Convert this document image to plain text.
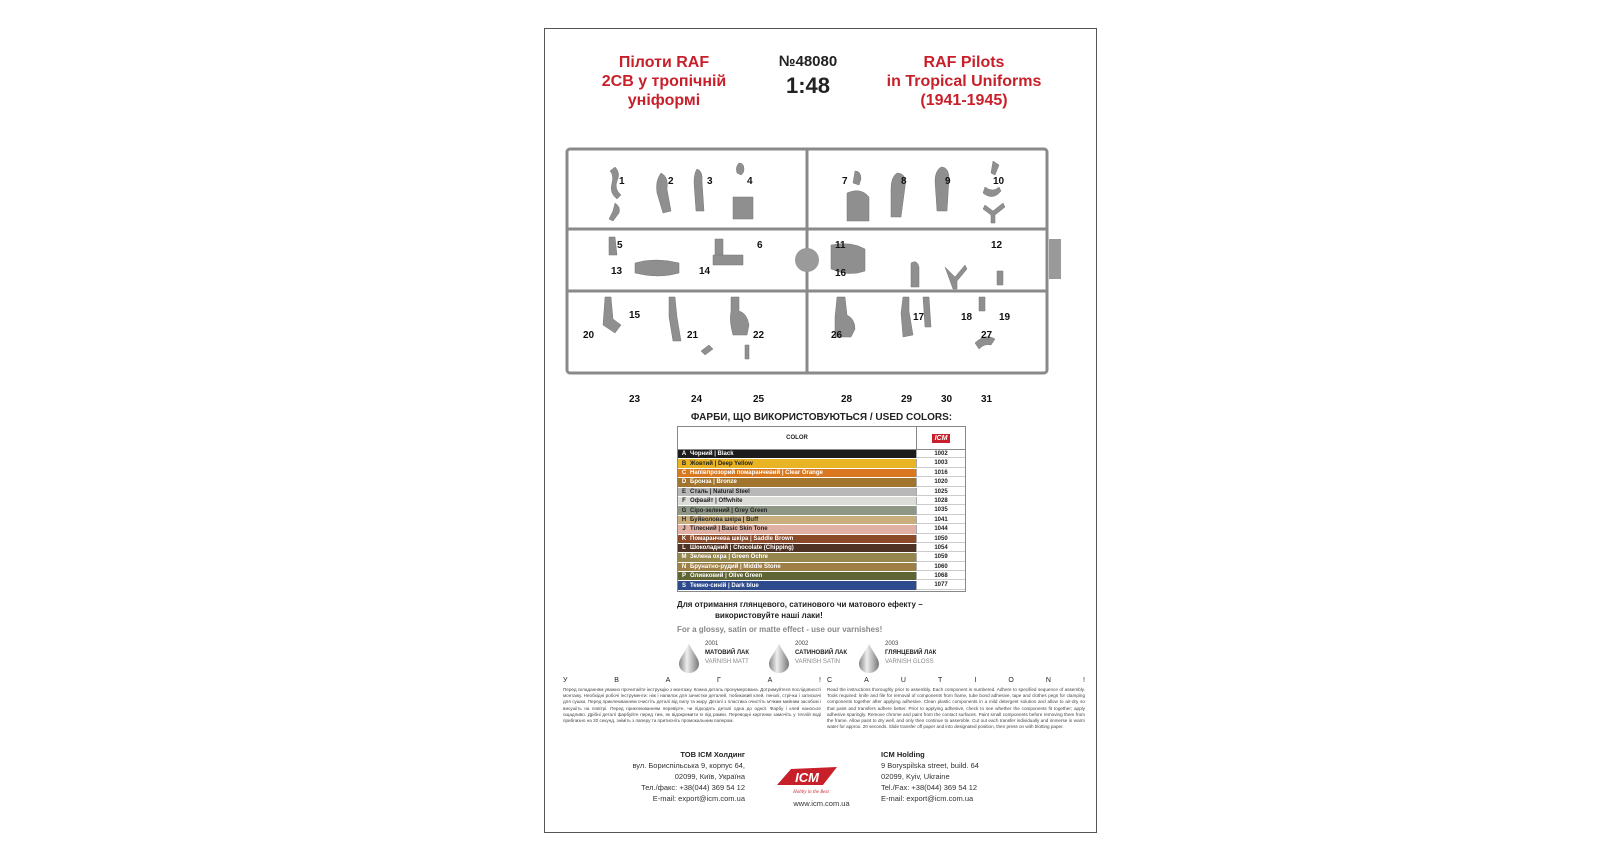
Пілоти RAF
2СВ у тропічній
уніформі
№48080
1:48
RAF Pilots
in Tropical Uniforms
(1941-1945)
1	2	3	4
5	6
7	8	9	10
11	12
13	14
15
16
17	18	19
20	21	22
23	24	25
26	27
28	29	30	31
ФАРБИ, ЩО ВИКОРИСТОВУЮТЬСЯ / USED COLORS:
COLOR	ICM
A Чорний | Black	1002
B Жовтий | Deep Yellow	1003
C Напівпрозорий помаранчевий | Clear Orange	1016
D Бронза | Bronze	1020
E Сталь | Natural Steel	1025
F Офвайт | Offwhite	1028
G Сіро-зелений | Grey Green	1035
H Буйволова шкіра | Buff	1041
J Тілесний | Basic Skin Tone	1044
K Помаранчева шкіра | Saddle Brown	1050
L Шоколадний | Chocolate (Chipping)	1054
M Зелена охра | Green Ochre	1059
N Брунатно-рудий | Middle Stone	1060
P Оливковий | Olive Green	1068
S Темно-синій | Dark blue	1077
Для отримання глянцевого, сатинового чи матового ефекту –
використовуйте наші лаки!
For a glossy, satin or matte effect - use our varnishes!
2001
МАТОВИЙ ЛАК
VARNISH MATT
2002
САТИНОВИЙ ЛАК
VARNISH SATIN
2003
ГЛЯНЦЕВИЙ ЛАК
VARNISH GLOSS
У	В	А	Г	А	!
Перед складанням уважно прочитайте інструкцію з монтажу. Кожна деталь пронумерована. Дотримуйтеся послідовності монтажу. Необхідні робочі інструменти: ніж і напилок для зачистки деталей, тюбиковий клей, пензлі, стрічка і затискачі для сушки. Перед приклеюванням очистіть деталі від пилу та жиру. Деталі з пластика очистіть м’яким мийним засобом і висушіть на повітрі. Перед приклеюванням перевірте, чи підходять деталі одна до одної. Фарбу і клей наносьте ощадливо. Дрібні деталі фарбуйте перед тим, як відокремити їх від рамки. Переводні картинки замочіть у теплій воді приблизно на 20 секунд, зніміть з паперу та притисніть промокальним папером.
C	A	U	T	I	O	N	!
Read the instructions thoroughly prior to assembly. Each component is numbered. Adhere to specified sequence of assembly. Tools required: knife and file for removal of components from frame, tube bond adhesive, tape and clothes pegs for clamping components together after applying adhesive. Clean plastic components in a mild detergent solution and allow to air-dry so that paint and transfers adhere better. Prior to applying adhesive, check to see whether the components fit together; apply adhesive sparingly. Remove chrome and paint from the contact surfaces. Paint small components before removing them from the frame. Allow paint to dry well, and only then continue to assemble. Cut out each transfer individually and immerse in warm water for approx. 20 seconds. Slide transfer off paper and into designated position, then press on with blotting paper.
ТОВ ICM Холдинг
вул. Бориспільська 9, корпус 64,
02099, Київ, Україна
Тел./факс: +38(044) 369 54 12
E-mail: export@icm.com.ua
ICM
Hobby in the Best
ICM Holding
9 Boryspilska street, build. 64
02099, Kyiv, Ukraine
Tel./Fax: +38(044) 369 54 12
E-mail: export@icm.com.ua
www.icm.com.ua
